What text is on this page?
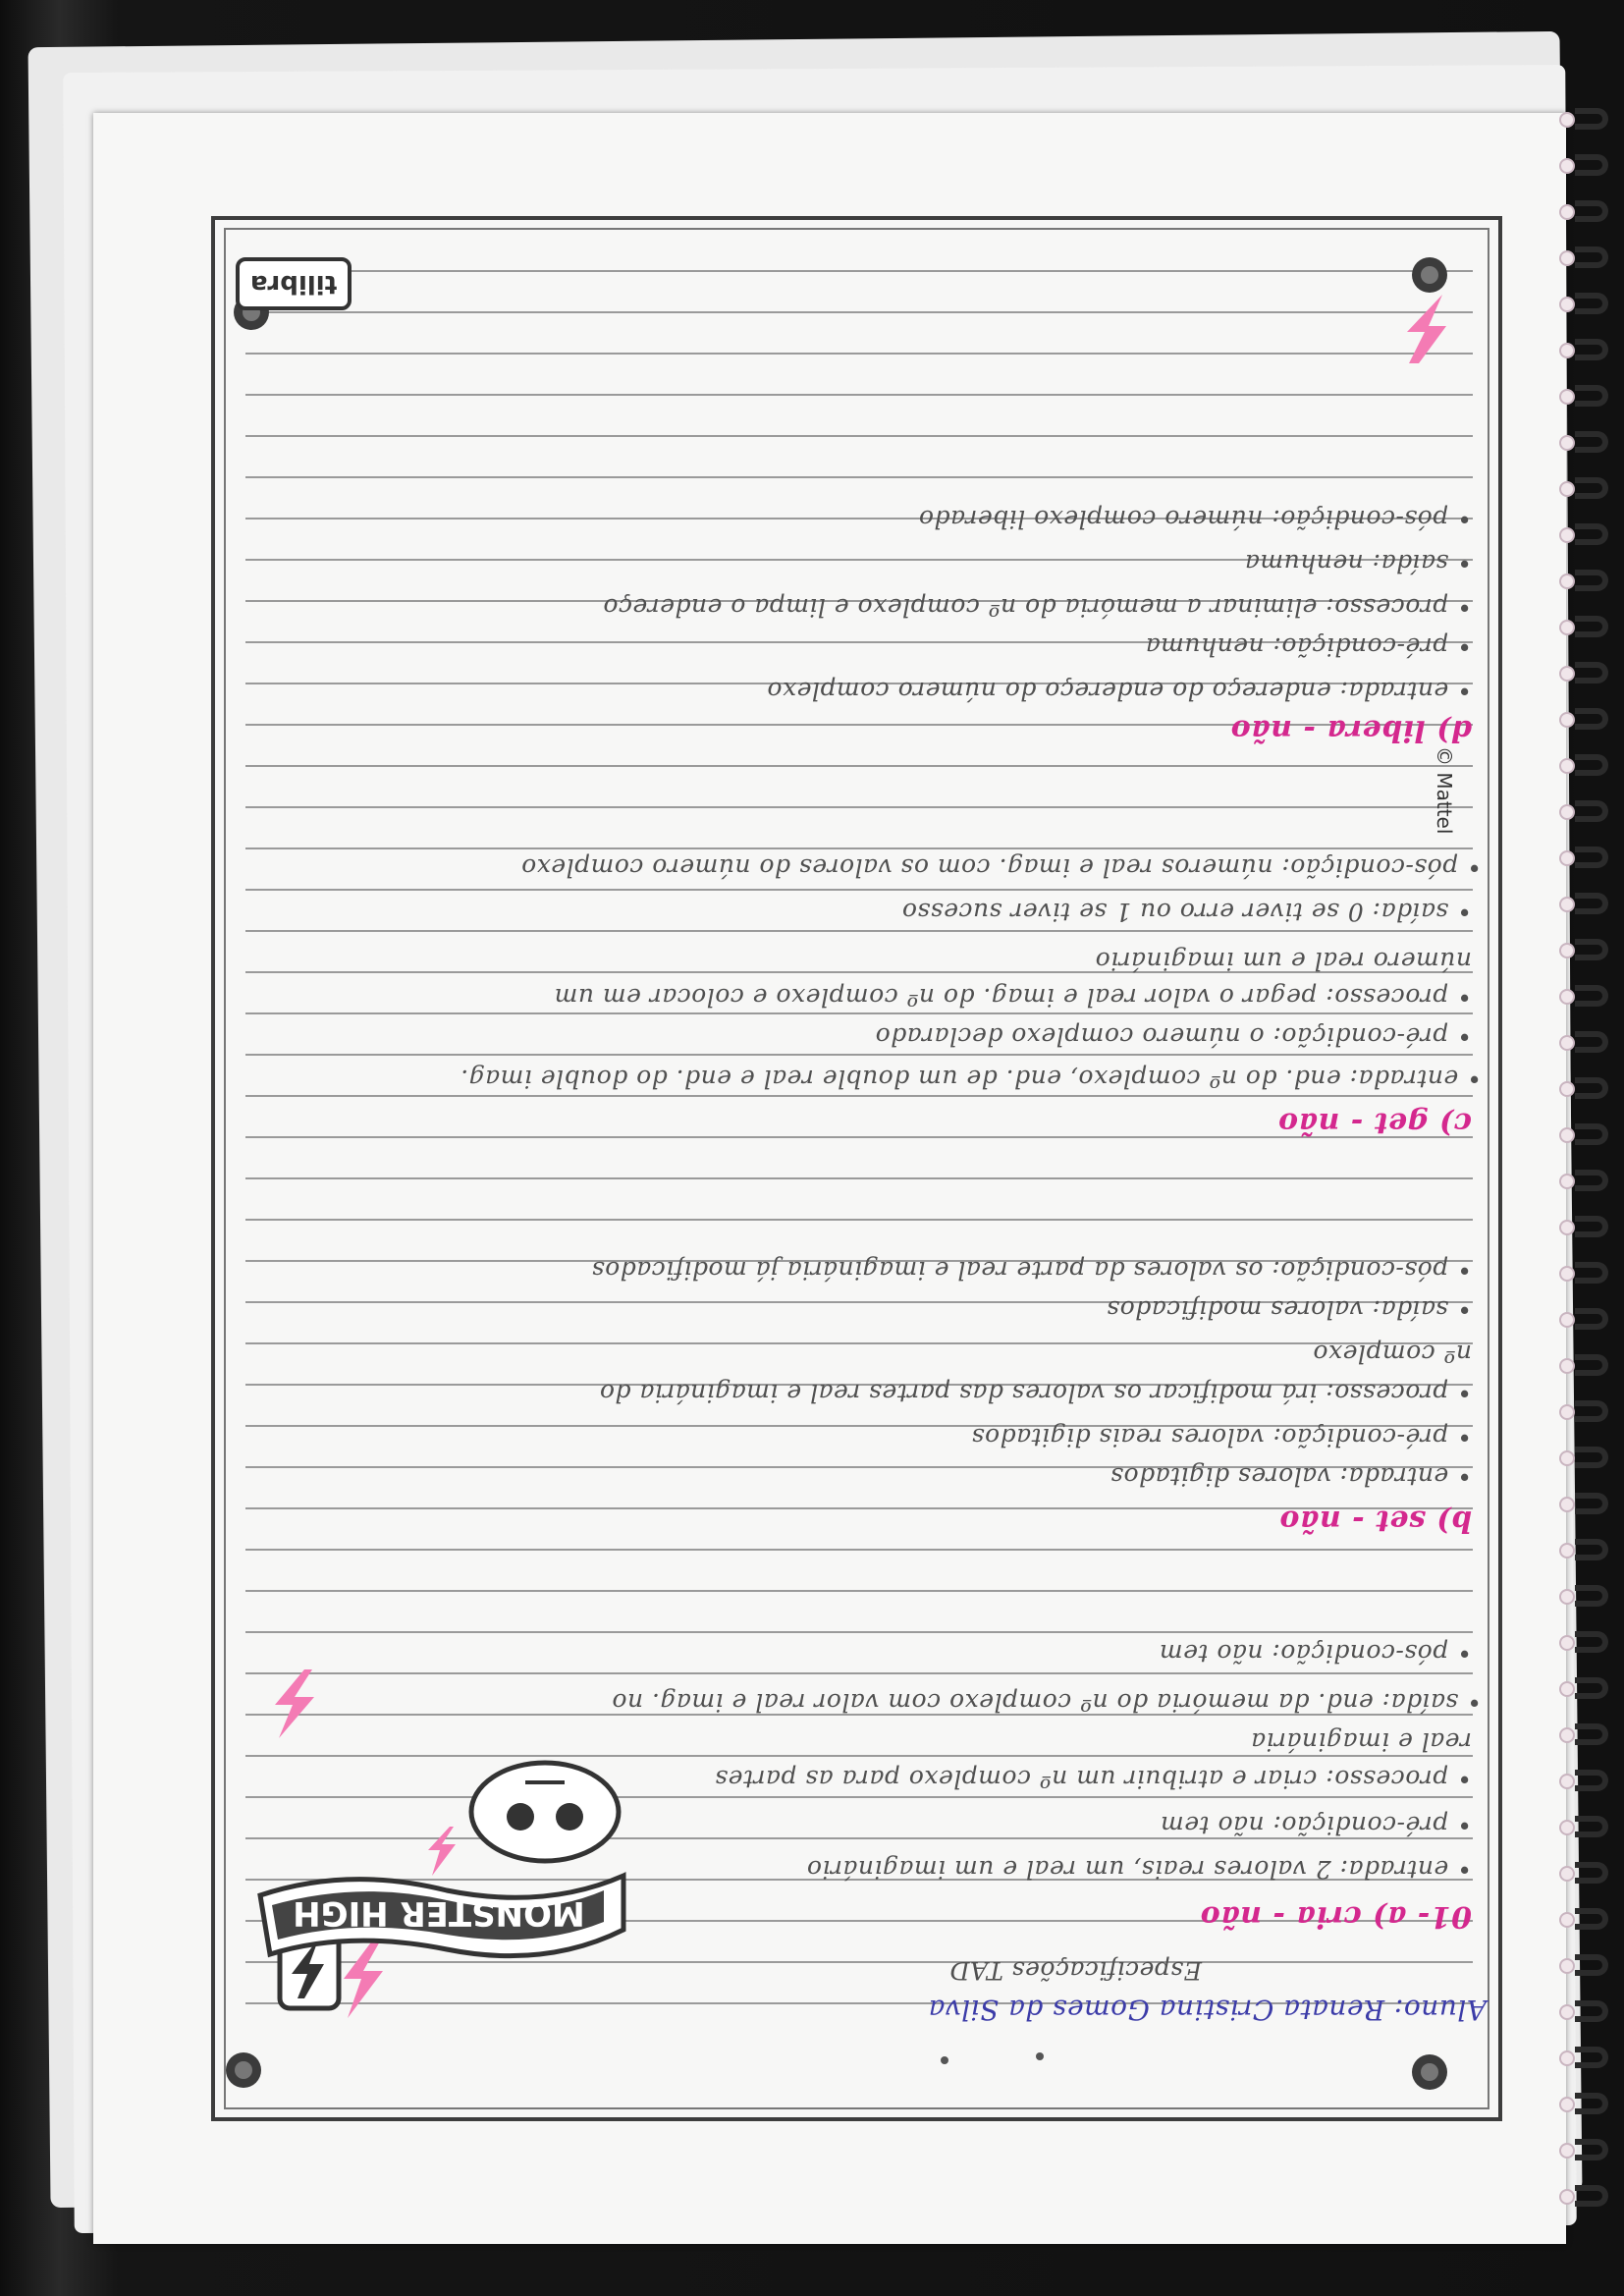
MONSTER HIGH
tilibra
© Mattel
Aluno: Renata Cristina Gomes da Silva
Especificações TAD
01- a) cria - não
• entrada: 2 valores reais, um real e um imaginário
• pré-condição: não tem
• processo: criar e atribuir um nº complexo para as partes
real e imaginária
• saída: end. da memória do nº complexo com valor real e imag. no
• pós-condição: não tem
b) set - não
• entrada: valores digitados
• pré-condição: valores reais digitados
• processo: irá modificar os valores das partes real e imaginária do
nº complexo
• saída: valores modificados
• pós-condição: os valores da parte real e imaginária já modificados
c) get - não
• entrada: end. do nº complexo, end. de um double real e end. do double imag.
• pré-condição: o número complexo declarado
• processo: pegar o valor real e imag. do nº complexo e colocar em um
número real e um imaginário
• saída: 0 se tiver erro ou 1 se tiver sucesso
• pós-condição: números real e imag. com os valores do número complexo
d) libera - não
• entrada: endereço do endereço do número complexo
• pré-condição: nenhuma
• processo: eliminar a memória do nº complexo e limpa o endereço
• saída: nenhuma
• pós-condição: número complexo liberado
